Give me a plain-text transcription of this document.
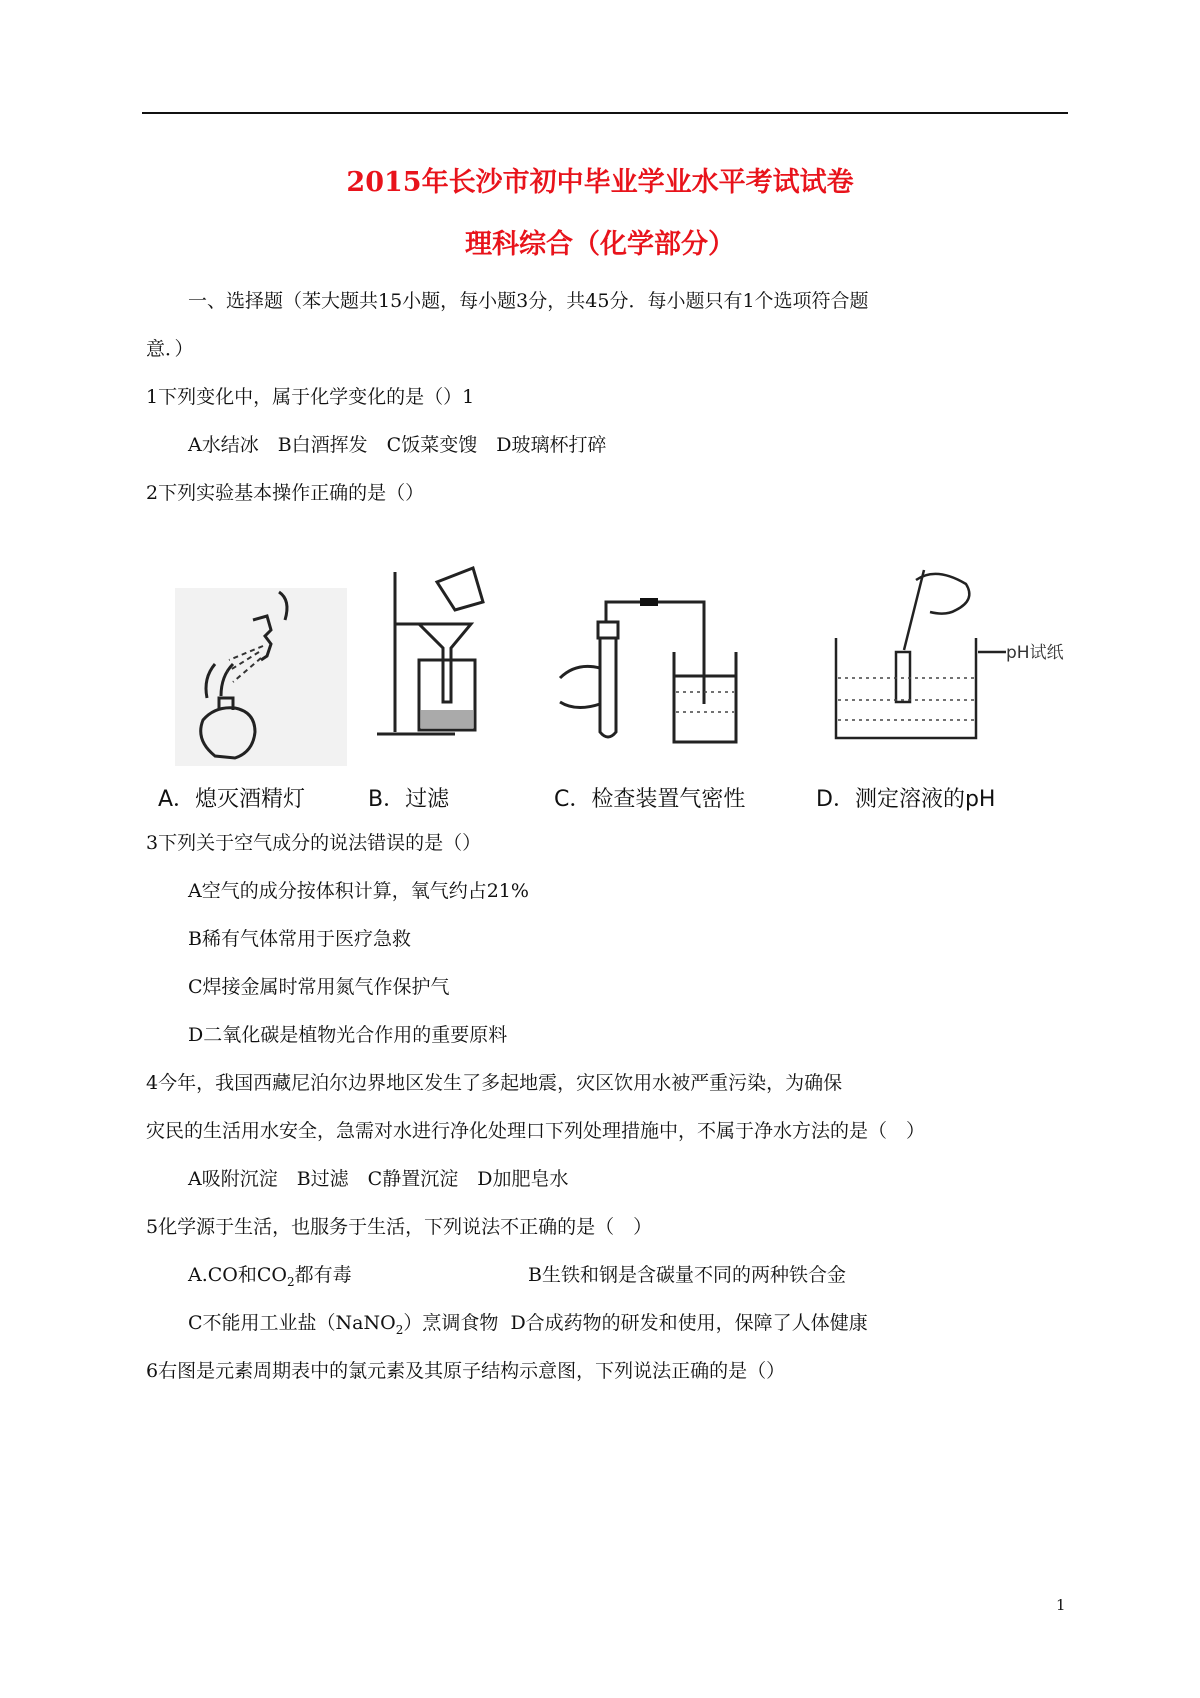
2015年长沙市初中毕业学业水平考试试卷
理科综合（化学部分）
一、选择题（苯大题共15小题，每小题3分，共45分．每小题只有1个选项符合题
意．）
1下列变化中，属于化学变化的是（）1
A水结冰　B白酒挥发　C饭菜变馊　D玻璃杯打碎
2下列实验基本操作正确的是（）
A．熄灭酒精灯	B．过滤	C．检查装置气密性
pH试纸
D．测定溶液的pH
3下列关于空气成分的说法错误的是（）
A空气的成分按体积计算，氧气约占21%
B稀有气体常用于医疗急救
C焊接金属时常用氮气作保护气
D二氧化碳是植物光合作用的重要原料
4今年，我国西藏尼泊尔边界地区发生了多起地震，灾区饮用水被严重污染，为确保
灾民的生活用水安全，急需对水进行净化处理口下列处理措施中，不属于净水方法的是（　）
A吸附沉淀　B过滤　C静置沉淀　D加肥皂水
5化学源于生活，也服务于生活，下列说法不正确的是（　）
A.CO和$CO_2$都有毒	B生铁和钢是含碳量不同的两种铁合金
C不能用工业盐（NaNO$_2$）烹调食物 D合成药物的研发和使用，保障了人体健康
6右图是元素周期表中的氯元素及其原子结构示意图，下列说法正确的是（）
1
